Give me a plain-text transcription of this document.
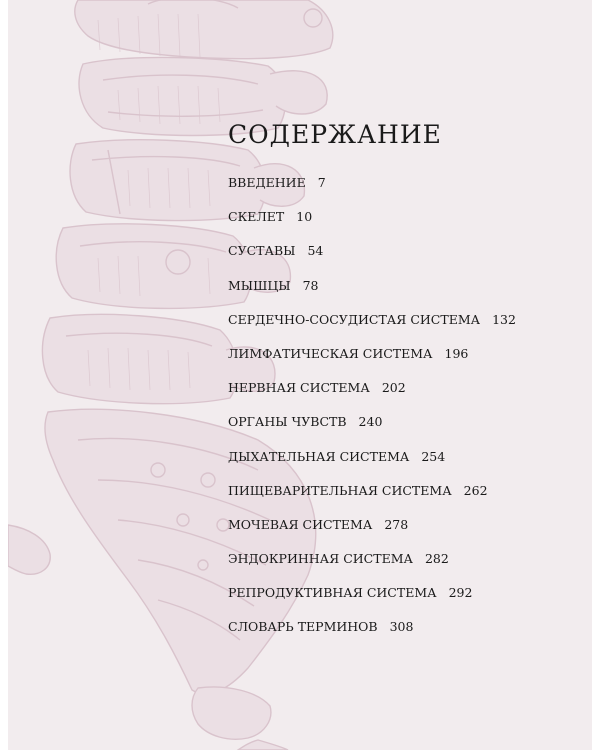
СОДЕРЖАНИЕ
ВВЕДЕНИЕ 7
СКЕЛЕТ 10
СУСТАВЫ 54
МЫШЦЫ 78
СЕРДЕЧНО-СОСУДИСТАЯ СИСТЕМА 132
ЛИМФАТИЧЕСКАЯ СИСТЕМА 196
НЕРВНАЯ СИСТЕМА 202
ОРГАНЫ ЧУВСТВ 240
ДЫХАТЕЛЬНАЯ СИСТЕМА 254
ПИЩЕВАРИТЕЛЬНАЯ СИСТЕМА 262
МОЧЕВАЯ СИСТЕМА 278
ЭНДОКРИННАЯ СИСТЕМА 282
РЕПРОДУКТИВНАЯ СИСТЕМА 292
СЛОВАРЬ ТЕРМИНОВ 308
